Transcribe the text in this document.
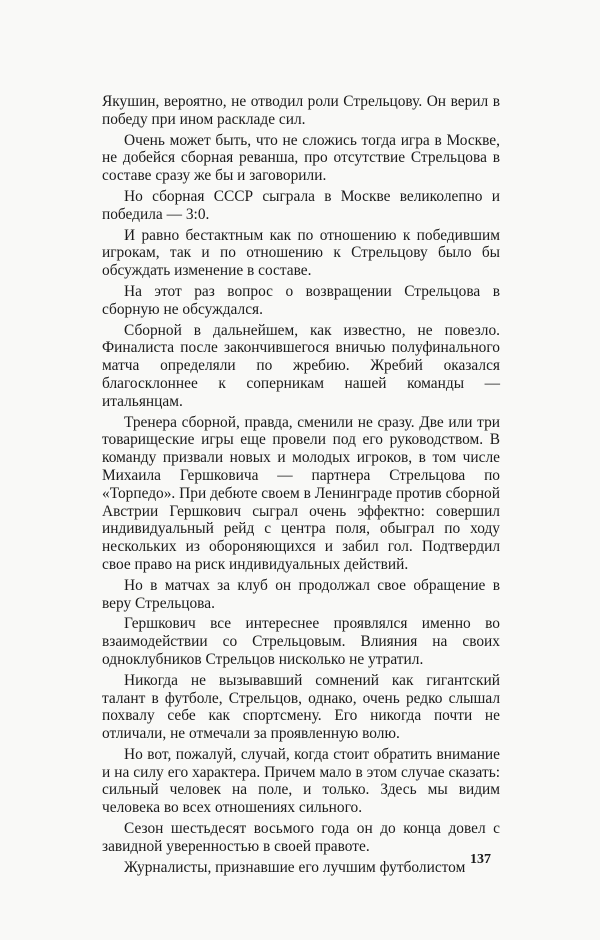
Якушин, вероятно, не отводил роли Стрельцову. Он верил в победу при ином раскладе сил.

Очень может быть, что не сложись тогда игра в Москве, не добейся сборная реванша, про отсутствие Стрельцова в составе сразу же бы и заговорили.

Но сборная СССР сыграла в Москве великолепно и победила — 3:0.

И равно бестактным как по отношению к победившим игрокам, так и по отношению к Стрельцову было бы обсуждать изменение в составе.

На этот раз вопрос о возвращении Стрельцова в сборную не обсуждался.

Сборной в дальнейшем, как известно, не повезло. Финалиста после закончившегося вничью полуфинального матча определяли по жребию. Жребий оказался благосклоннее к соперникам нашей команды — итальянцам.

Тренера сборной, правда, сменили не сразу. Две или три товарищеские игры еще провели под его руководством. В команду призвали новых и молодых игроков, в том числе Михаила Гершковича — партнера Стрельцова по «Торпедо». При дебюте своем в Ленинграде против сборной Австрии Гершкович сыграл очень эффектно: совершил индивидуальный рейд с центра поля, обыграл по ходу нескольких из обороняющихся и забил гол. Подтвердил свое право на риск индивидуальных действий.

Но в матчах за клуб он продолжал свое обращение в веру Стрельцова.

Гершкович все интереснее проявлялся именно во взаимодействии со Стрельцовым. Влияния на своих одноклубников Стрельцов нисколько не утратил.

Никогда не вызывавший сомнений как гигантский талант в футболе, Стрельцов, однако, очень редко слышал похвалу себе как спортсмену. Его никогда почти не отличали, не отмечали за проявленную волю.

Но вот, пожалуй, случай, когда стоит обратить внимание и на силу его характера. Причем мало в этом случае сказать: сильный человек на поле, и только. Здесь мы видим человека во всех отношениях сильного.

Сезон шестьдесят восьмого года он до конца довел с завидной уверенностью в своей правоте.

Журналисты, признавшие его лучшим футболистом 137
